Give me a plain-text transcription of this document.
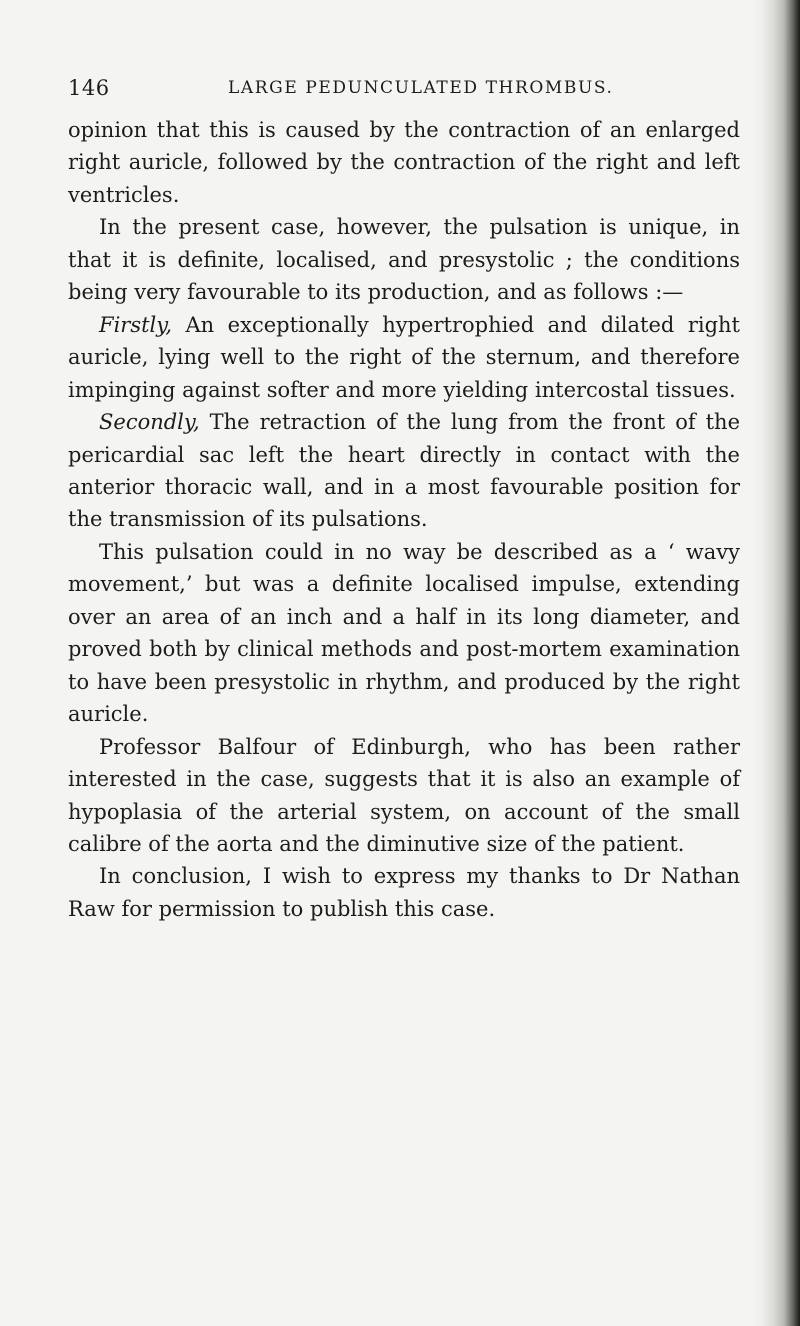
146	LARGE PEDUNCULATED THROMBUS.

opinion that this is caused by the contraction of an enlarged right auricle, followed by the contraction of the right and left ventricles.

In the present case, however, the pulsation is unique, in that it is definite, localised, and presystolic ; the conditions being very favourable to its production, and as follows :—

Firstly, An exceptionally hypertrophied and dilated right auricle, lying well to the right of the sternum, and therefore impinging against softer and more yielding intercostal tissues.

Secondly, The retraction of the lung from the front of the pericardial sac left the heart directly in contact with the anterior thoracic wall, and in a most favourable position for the transmission of its pulsations.

This pulsation could in no way be described as a ‘ wavy movement,’ but was a definite localised impulse, extending over an area of an inch and a half in its long diameter, and proved both by clinical methods and post-mortem examination to have been presystolic in rhythm, and produced by the right auricle.

Professor Balfour of Edinburgh, who has been rather interested in the case, suggests that it is also an example of hypoplasia of the arterial system, on account of the small calibre of the aorta and the diminutive size of the patient.

In conclusion, I wish to express my thanks to Dr Nathan Raw for permission to publish this case.
